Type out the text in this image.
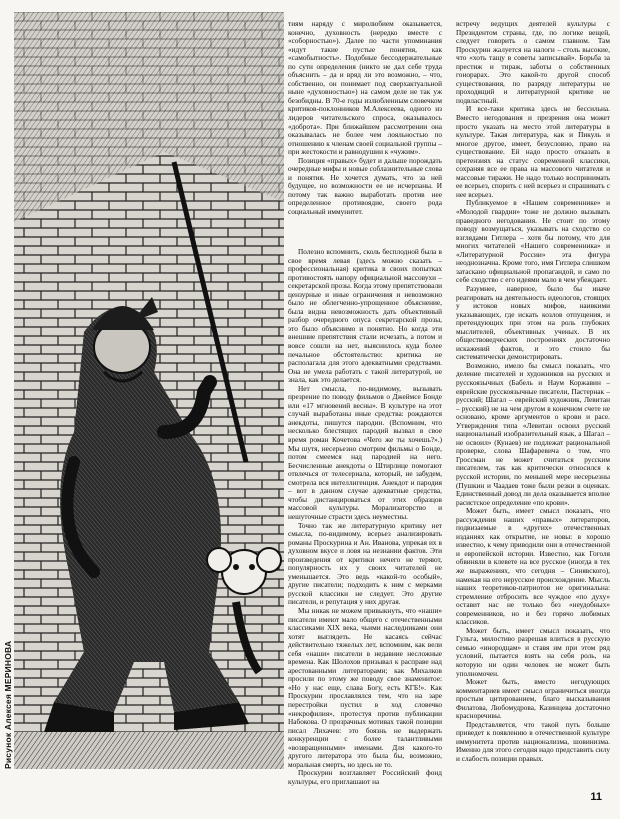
Рисунок Алексея МЕРИНОВА

тиям наряду с миролюбием оказывается, конечно, духовность (нередко вместе с «соборностью»). Далее по части упоминания «идут такие пустые понятия, как «самобытность». Подобные бессодержательные по сути определения (никто не дал себе труда объяснить – да и вряд ли это возможно, – что, собственно, он понимает под сверхактуальной ныне «духовностью») на самом деле не так уж безобидны. В 70-е годы излюбленным словечком критиков-поклонников М.Алексеева, одного из лидеров читательского спроса, оказывалось «доброта». При ближайшем рассмотрении она оказывалась не более чем лояльностью по отношению к членам своей социальной группы – при жестокости и равнодушии к «чужим».

Позиция «правых» будет и дальше порождать очередные мифы и новые соблазнительные слова и понятия. Не хочется думать, что за ней будущее, но возможности ее не исчерпаны. И потому так важно выработать против нее определенное противоядие, своего рода социальный иммунитет.

Полезно вспомнить, сколь бесплодной была в свое время левая (здесь можно сказать – профессиональная) критика в своих попытках противостоять напору официальной массовухи – секретарской прозы. Когда этому препятствовали цензурные и иные ограничения и невозможно было не облегченно-упрощенное объяснение, была видна невозможность дать объективный разбор очередного опуса секретарской прозы, это было объяснимо и понятно. Но когда эти внешние препятствия стали исчезать, а потом и вовсе сошли на нет, выяснилось куда более печальное обстоятельство: критика не располагала для этого адекватными средствами. Она не умела работать с такой литературой, не знала, как это делается.

Нет смысла, по-видимому, вызывать презрение по поводу фильмов о Джеймсе Бонде или «17 мгновений весны». В культуре на этот случай выработаны иные средства: рождаются анекдоты, пишутся пародии. (Вспомним, что несколько блестящих пародий вызвал в свое время роман Кочетова «Чего же ты хочешь?».) Мы шутя, несерьезно смотрим фильмы о Бонде, потом смеемся над пародией на него. Бесчисленные анекдоты о Штирлице помогают отвлечься от телесериала, который, не забудем, смотрела вся интеллигенция. Анекдот и пародия – вот в данном случае адекватные средства, чтобы дистанцироваться от этих образцов массовой культуры. Морализаторство и нешуточные страсти здесь неуместны.

Точно так же литературную критику нет смысла, по-видимому, всерьез анализировать романы Проскурина и Ан. Иванова, упрекая их в духовном вкусе и ловя на незнании фактов. Эти произведения от критики нечего не теряют, популярность их у своих читателей не уменьшается. Это ведь «какой-то особый», другие писатели; подходить к ним с мерками русской классики не следует. Это другие писатели, и репутация у них другая.

Мы никак не можем привыкнуть, что «наши» писатели имеют мало общего с отечественными классиками XIX века, чьими наследниками они хотят выглядеть. Не касаясь сейчас действительно тяжелых лет, вспомним, как вели себя «наши» писатели в недавние несложные времена. Как Шолохов призывал к расправе над арестованными литераторами; как Михалков просили по этому же поводу свое знаменитое: «Но у нас еще, слава Богу, есть КГБ!». Как Проскурин прославлялся тем, что на заре перестройки пустил в ход словечко «некрофилия», протестуя против публикации Набокова. О прозрачных мотивах такой позиции писал Лихачев: это боязнь не выдержать конкуренции с более талантливыми «возвращенными» именами. Для какого-то другого литератора это была бы, возможно, моральная смерть, но здесь не то.

Проскурин возглавляет Российский фонд культуры, его приглашают на

встречу ведущих деятелей культуры с Президентом страны, где, по логике вещей, следует говорить о самом главном. Там Проскурин жалуется на налоги – столь высокие, что «хоть тащу в советы записывай». Борьба за престиж и тираж, заботы о собственных гонорарах. Это какой-то другой способ существования, по разряду литературы не проходящий и литературной критике не подвластный.

И все-таки критика здесь не бессильна. Вместо негодования и презрения она может просто указать на место этой литературы в культуре. Такая литература, как и Пикуль и многое другое, имеет, безусловно, право на существование. Ей надо просто отказать в претензиях на статус современной классики, сохраняя все ее права на массового читателя и массовые тиражи. Не надо только воспринимать ее всерьез, спорить с ней всерьез и спрашивать с нее всерьез.

Публикуемое в «Нашем современнике» и «Молодой гвардии» тоже не должно вызывать праведного негодования. Не стоит по этому поводу возмущаться, указывать на сходство со взглядами Гитлера – хотя бы потому, что для многих читателей «Нашего современника» и «Литературной России» эта фигура неоднозначна. Кроме того, имя Гитлера слишком затаскано официальной пропагандой, и само по себе сходство с его идеями мало в чем убеждает.

Разумнее, наверное, было бы иначе реагировать на деятельность идеологов, стоящих у истоков новых мифов, наивкими указывающих, где искать козлов отпущения, и претендующих при этом на роль глубоких мыслителей, объективных ученых. В их обществоведческих построениях достаточно искажений фактов, и это стоило бы систематически демонстрировать.

Возможно, имело бы смысл показать, что деление писателей и художников на русских и русскоязычных (Бабель и Наум Коржавин – еврейские русскоязычные писатели, Пастернак – русский; Шагал – еврейский художник, Левитан – русский) не на чем другом в конечном счете не основано, кроме аргументов о крови и расе. Утверждения типа «Левитан освоил русский национальный изобразительный язык, а Шагал – не освоил» (Кунаев) не подлежат рациональной проверке, слова Шафаревича о том, что Гроссман не может считаться русским писателем, так как критически относился к русской истории, по меньшей мере несерьезны (Пушкин и Чаадаев тоже были резки в оценках. Единственный довод ли дела оказывается вполне расистское определение «по крови».

Может быть, имеет смысл показать, что рассуждения наших «правых» литераторов, подвизаемые в «других» отечественных изданиях как открытие, не новы: в хорошо известно, к чему приводили они в отечественной и европейской истории. Известно, как Гоголя обвиняли в клевете на все русское (иногда в тех же выражениях, что сегодня – Синявского), намекая на его нерусское происхождение. Мысль наших теоретиков-патриотов не оригинальна: стремление отбросить все чуждое «по духу» оставит нас не только без «неудобных» современников, но и без горячо любимых классиков.

Может быть, имеет смысл показать, что Гульга, милостиво разрешая влиться в русскую семью «инородцам» и ставя им при этом ряд условий, пытается взять на себя роль, на которую ни один человек не может быть уполномочен.

Может быть, вместо негодующих комментариев имеет смысл ограничиться иногда простым цитированием, благо высказывания Филатова, Любомудрова, Казинцева достаточно красноречивы.

Представляется, что такой путь больше приведет к появлению в отечественной культуре иммунитета против национализма, шовинизма. Именно для этого сегодня надо представить силу и слабость позиции правых.

11
